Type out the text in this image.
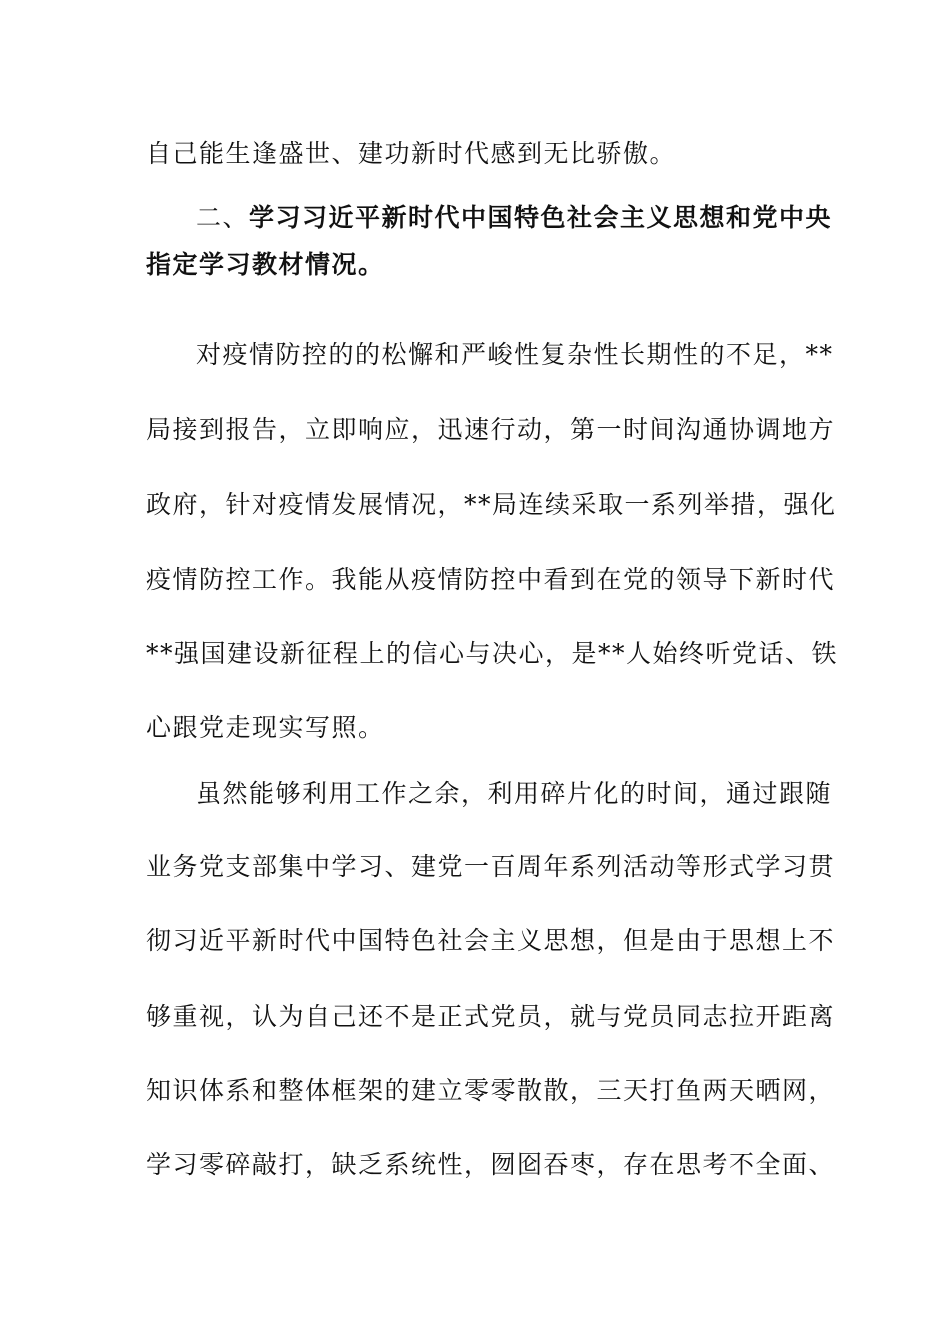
自己能生逢盛世、建功新时代感到无比骄傲。
二、学习习近平新时代中国特色社会主义思想和党中央
指定学习教材情况。
对疫情防控的的松懈和严峻性复杂性长期性的不足，**
局接到报告，立即响应，迅速行动，第一时间沟通协调地方
政府，针对疫情发展情况，**局连续采取一系列举措，强化
疫情防控工作。我能从疫情防控中看到在党的领导下新时代
**强国建设新征程上的信心与决心，是**人始终听党话、铁
心跟党走现实写照。
虽然能够利用工作之余，利用碎片化的时间，通过跟随
业务党支部集中学习、建党一百周年系列活动等形式学习贯
彻习近平新时代中国特色社会主义思想，但是由于思想上不
够重视，认为自己还不是正式党员，就与党员同志拉开距离
知识体系和整体框架的建立零零散散，三天打鱼两天晒网，
学习零碎敲打，缺乏系统性，囫囵吞枣，存在思考不全面、
